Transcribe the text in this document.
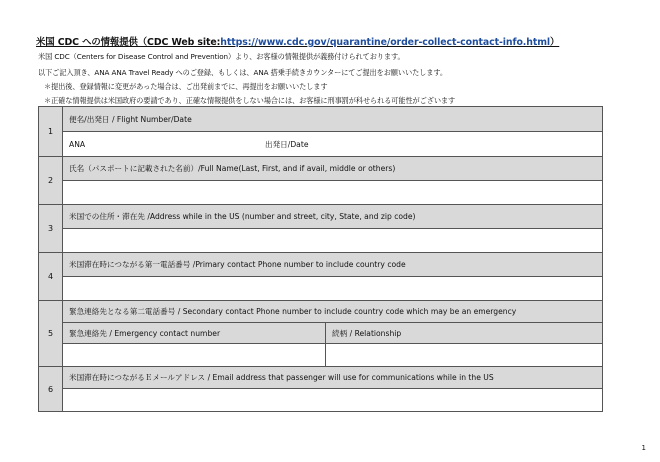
米国 CDC への情報提供（CDC Web site:https://www.cdc.gov/quarantine/order-collect-contact-info.html）
米国 CDC（Centers for Disease Control and Prevention）より、お客様の情報提供が義務付けられております。
以下ご記入頂き、ANA ANA Travel Ready へのご登録、もしくは、ANA 搭乗手続きカウンターにてご提出をお願いいたします。
＊提出後、登録情報に変更があった場合は、ご出発前までに、再提出をお願いいたします
＊正確な情報提供は米国政府の要請であり、正確な情報提供をしない場合には、お客様に刑事罰が科せられる可能性がございます
1
便名/出発日 / Flight Number/Date
ANA	出発日/Date
2
氏名（パスポートに記載された名前）/Full Name(Last, First, and if avail, middle or others)
3
米国での住所・滞在先 /Address while in the US (number and street, city, State, and zip code)
4
米国滞在時につながる第一電話番号 /Primary contact Phone number to include country code
5
緊急連絡先となる第二電話番号 / Secondary contact Phone number to include country code which may be an emergency
緊急連絡先 / Emergency contact number	続柄 / Relationship
6
米国滞在時につながるＥメールアドレス / Email address that passenger will use for communications while in the US
1
